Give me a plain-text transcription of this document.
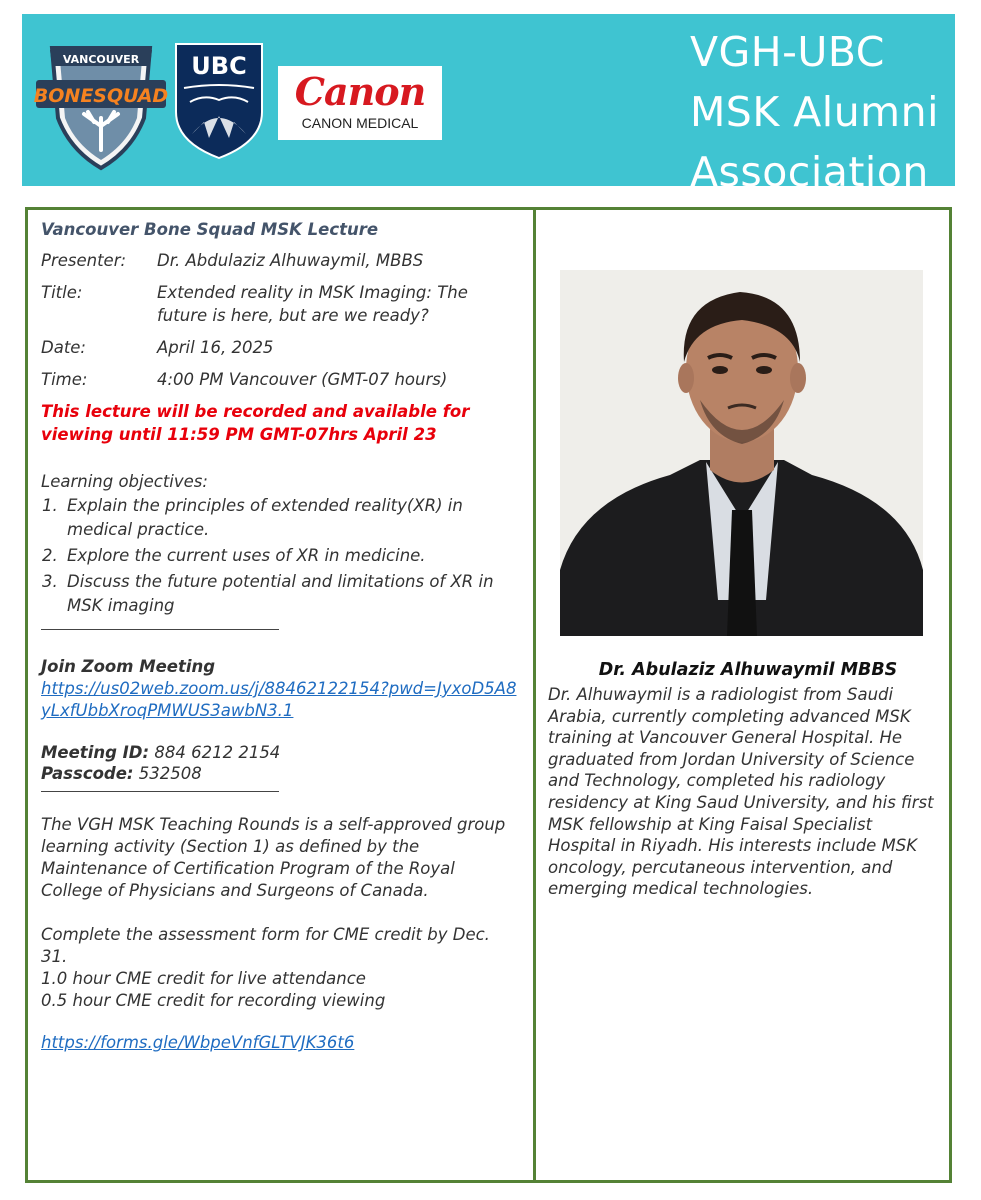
VANCOUVER
BONESQUAD
UBC
Canon
CANON MEDICAL
VGH-UBC
MSK Alumni
Association
Vancouver Bone Squad MSK Lecture
Presenter:	Dr. Abdulaziz Alhuwaymil, MBBS
Title:	Extended reality in MSK Imaging: The future is here, but are we ready?
Date:	April 16, 2025
Time:	4:00 PM Vancouver (GMT-07 hours)
This lecture will be recorded and available for viewing until 11:59 PM GMT-07hrs April 23
Learning objectives:
1. Explain the principles of extended reality(XR) in medical practice.
2. Explore the current uses of XR in medicine.
3. Discuss the future potential and limitations of XR in MSK imaging
Join Zoom Meeting
https://us02web.zoom.us/j/88462122154?pwd=JyxoD5A8yLxfUbbXroqPMWUS3awbN3.1
Meeting ID: 884 6212 2154
Passcode: 532508
The VGH MSK Teaching Rounds is a self-approved group learning activity (Section 1) as defined by the Maintenance of Certification Program of the Royal College of Physicians and Surgeons of Canada.
Complete the assessment form for CME credit by Dec. 31.
1.0 hour CME credit for live attendance
0.5 hour CME credit for recording viewing
https://forms.gle/WbpeVnfGLTVJK36t6
Dr. Abulaziz Alhuwaymil MBBS
Dr. Alhuwaymil is a radiologist from Saudi Arabia, currently completing advanced MSK training at Vancouver General Hospital. He graduated from Jordan University of Science and Technology, completed his radiology residency at King Saud University, and his first MSK fellowship at King Faisal Specialist Hospital in Riyadh. His interests include MSK oncology, percutaneous intervention, and emerging medical technologies.
